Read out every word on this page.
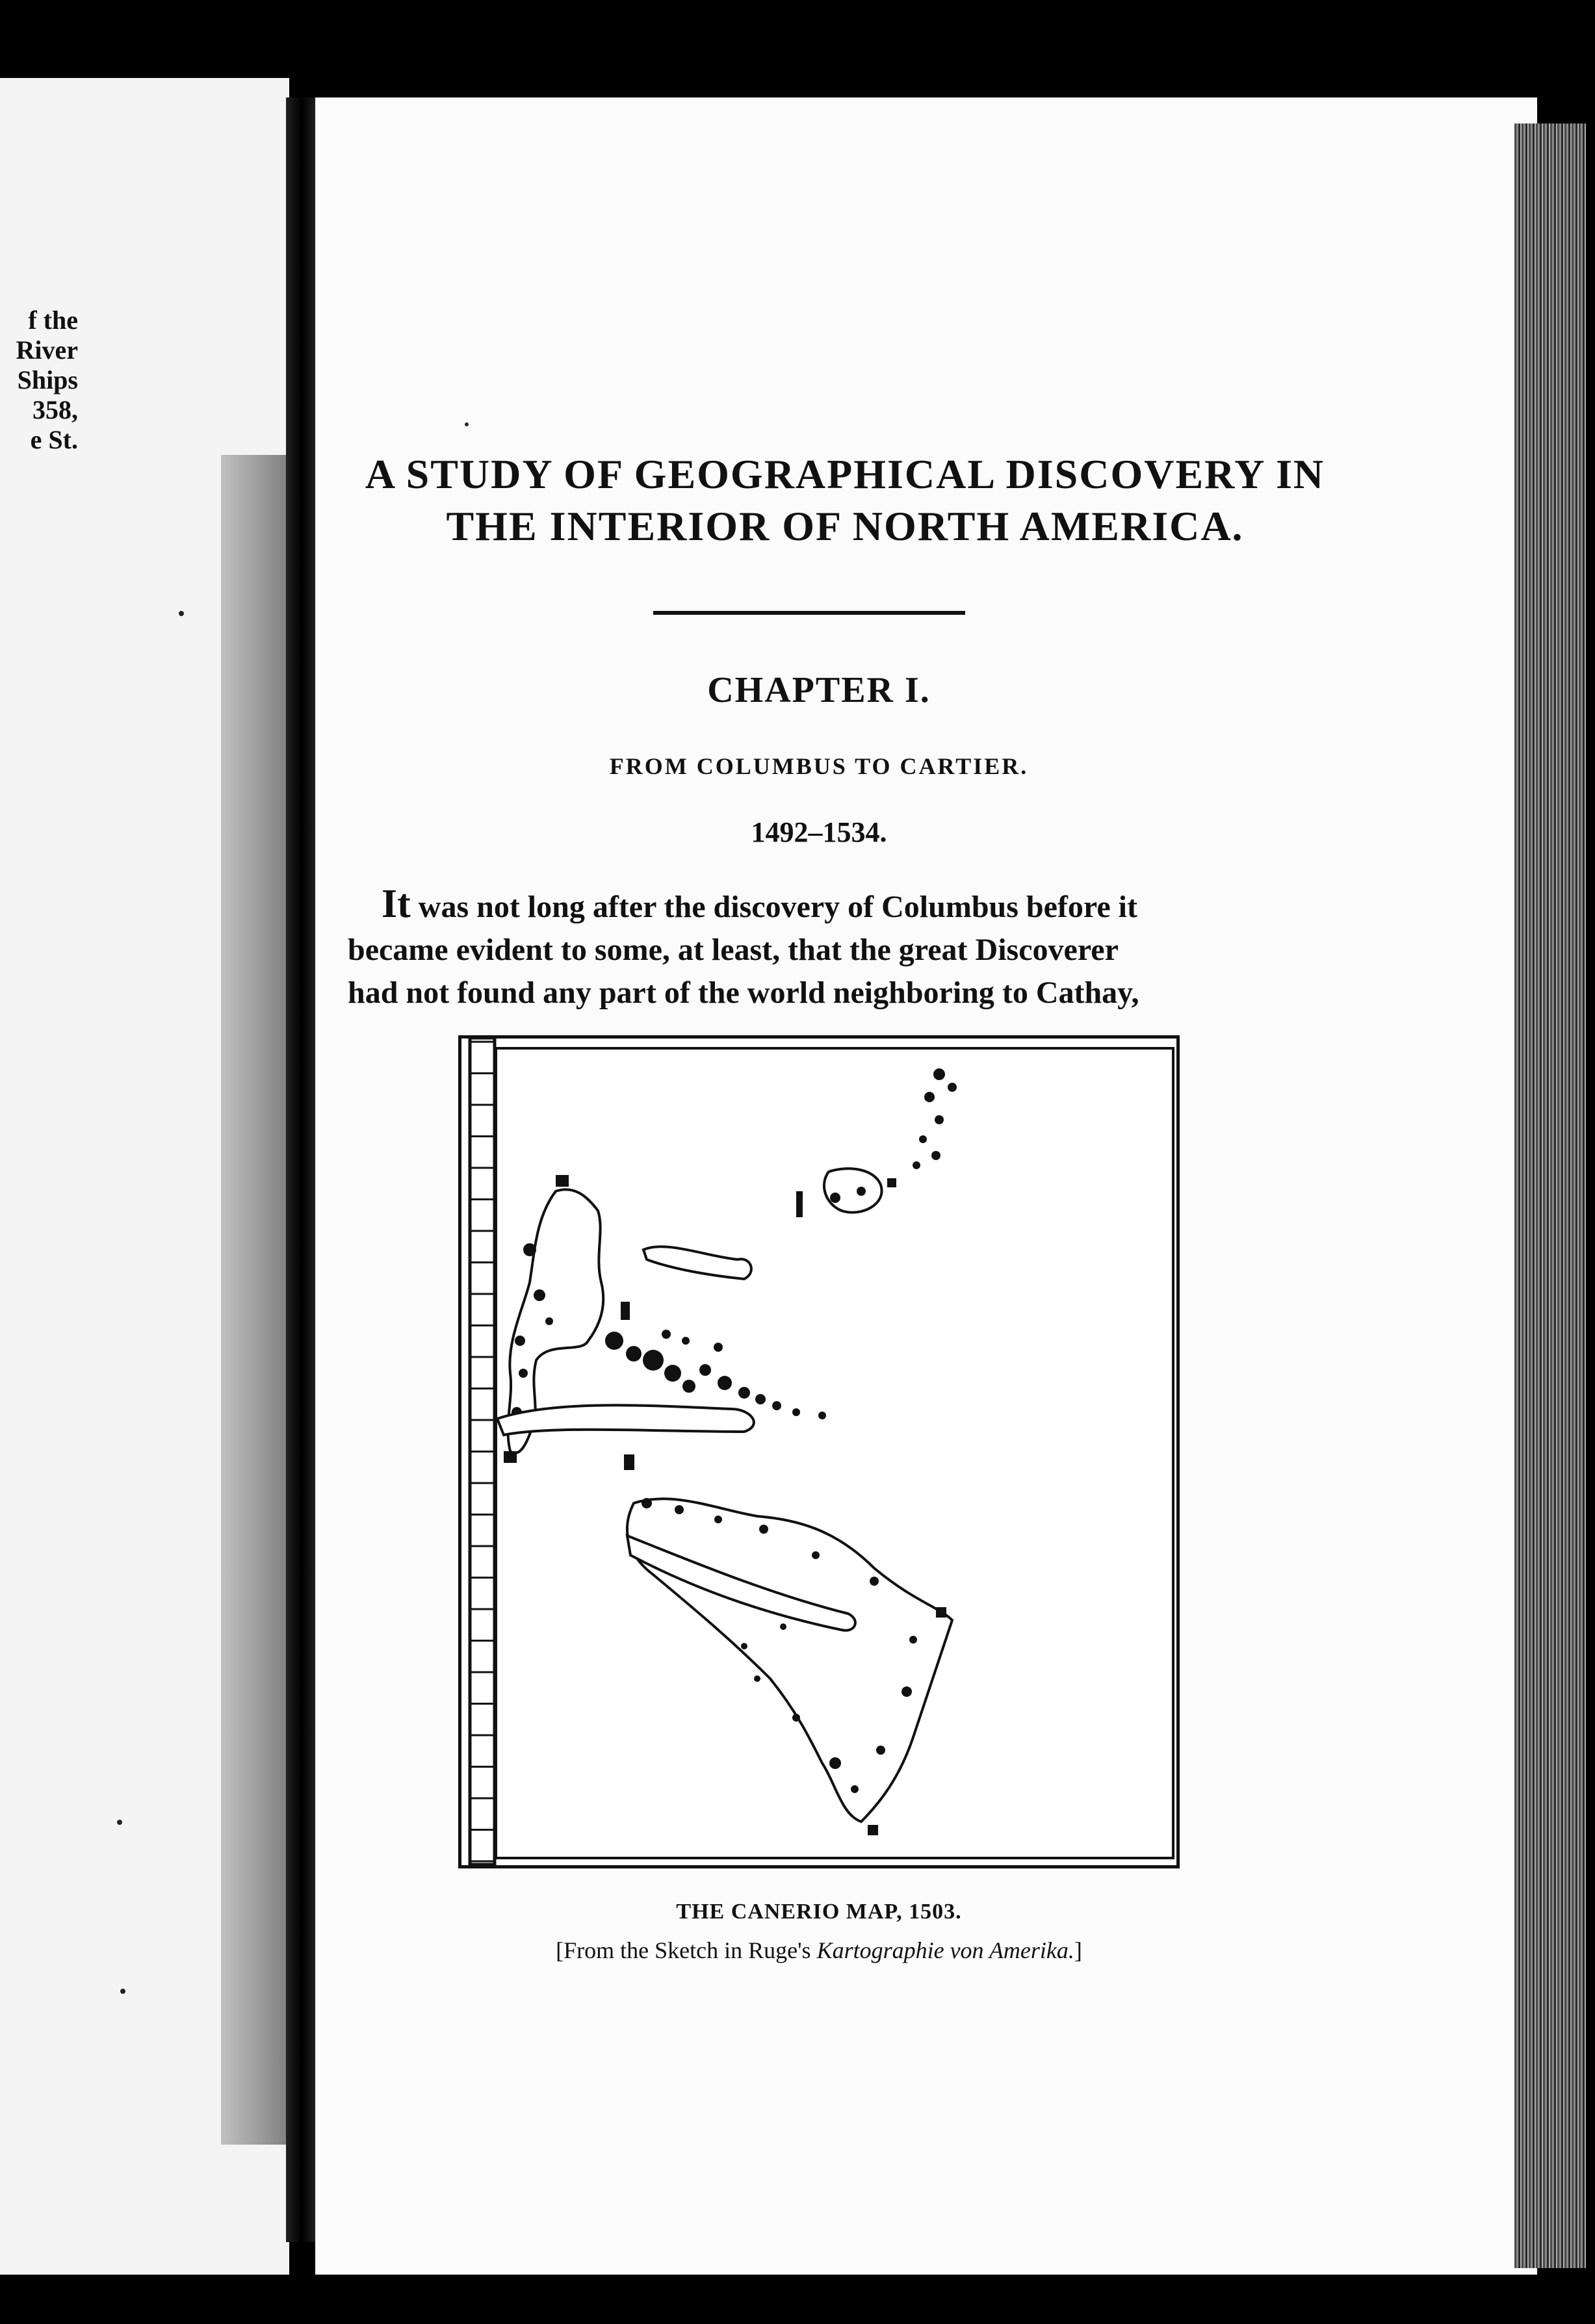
f the
River
Ships
358,
e St.
A STUDY OF GEOGRAPHICAL DISCOVERY IN
THE INTERIOR OF NORTH AMERICA.
CHAPTER I.
FROM COLUMBUS TO CARTIER.
1492–1534.
It was not long after the discovery of Columbus before it
became evident to some, at least, that the great Discoverer
had not found any part of the world neighboring to Cathay,
THE CANERIO MAP, 1503.
[From the Sketch in Ruge's Kartographie von Amerika.]
